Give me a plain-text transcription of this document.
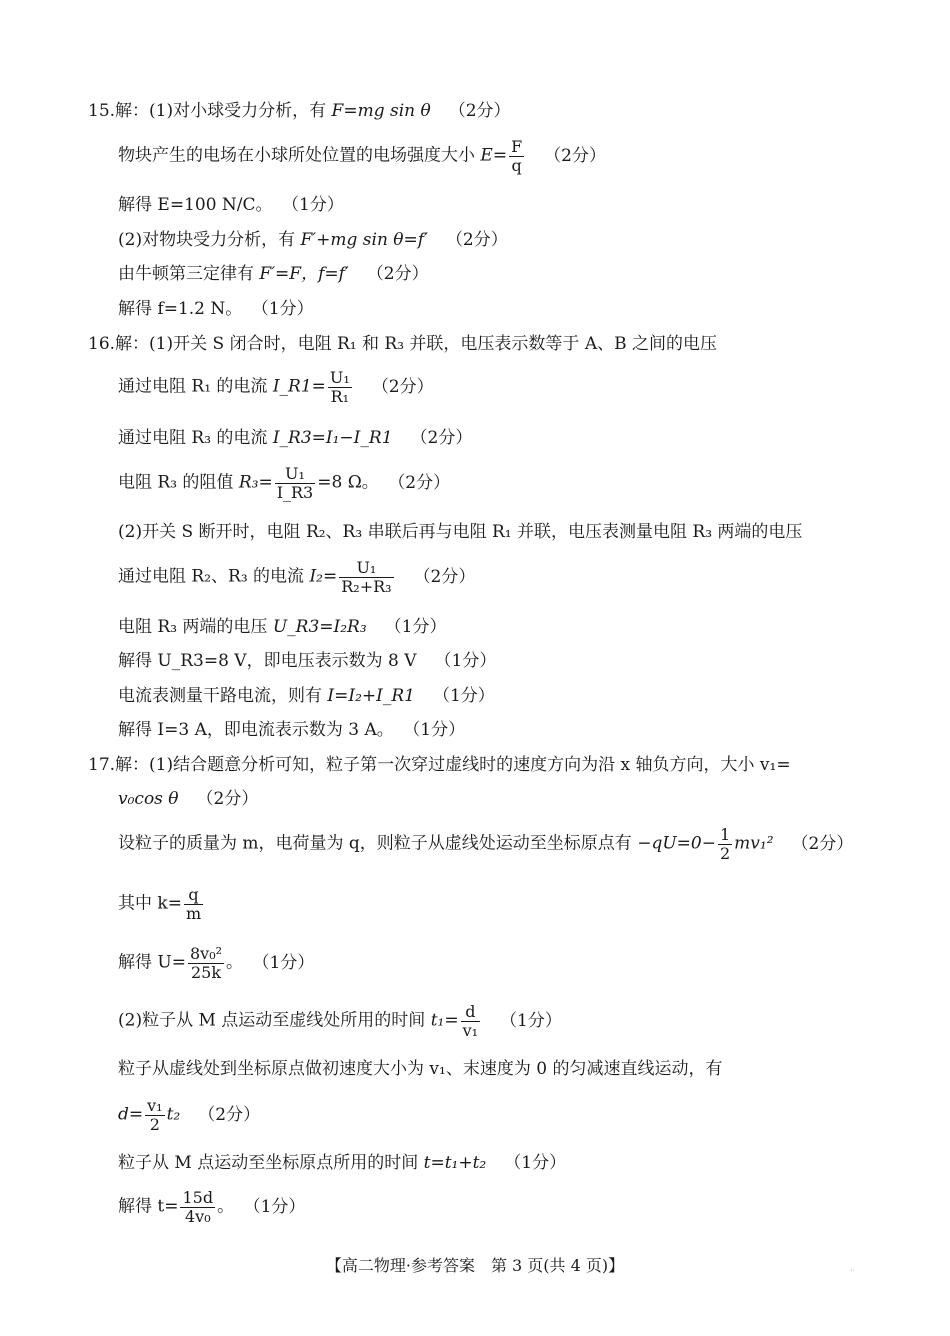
15.解：(1)对小球受力分析，有 F=mg sin θ （2分）
物块产生的电场在小球所处位置的电场强度大小 $E= \frac{F}{q} (2$分）
解得 E=100 N/C。 （1分）
(2)对物块受力分析，有 F′+mg sin θ=f′ （2分）
由牛顿第三定律有 F′=F，f=f′ （2分）
解得 f=1.2 N。 （1分）
16.解：(1)开关 S 闭合时，电阻 R₁ 和 R₃ 并联，电压表示数等于 A、B 之间的电压
通过电阻 R₁ 的电流 I_R1= $\frac{\text{U₁}}{\text{R₁}} (2$分）
通过电阻 R₃ 的电流 I_R3=I₁−I_R1 （2分）
电阻 R₃ 的阻值 $R_3= \frac{\text{U₁}}{I\_R3} =8$ Ω。 （2分）
(2)开关 S 断开时，电阻 R₂、R₃ 串联后再与电阻 R₁ 并联，电压表测量电阻 R₃ 两端的电压
通过电阻 R₂、R₃ 的电流 $I_2= \frac{\text{U₁}}{\text{R₂+R₃}} (2$分）
电阻 R₃ 两端的电压 U_R3=I₂R₃ （1分）
解得 U_R3=8 V，即电压表示数为 8 V （1分）
电流表测量干路电流，则有 I=I₂+I_R1 （1分）
解得 I=3 A，即电流表示数为 3 A。 （1分）
17.解：(1)结合题意分析可知，粒子第一次穿过虚线时的速度方向为沿 x 轴负方向，大小 v₁=
v₀cos θ （2分）
设粒子的质量为 m，电荷量为 q，则粒子从虚线处运动至坐标原点有 $-qU=0- \frac{1}{2} mv_1^2$ （2分）
其中 $k= \frac{q}{m}$
解得 $U= \frac{\text{8v₀²}}{25k}$ 。 （1分）
(2)粒子从 M 点运动至虚线处所用的时间 $t_1= \frac{d}{\text{v₁}} (1$分）
粒子从虚线处到坐标原点做初速度大小为 v₁、末速度为 0 的匀减速直线运动，有
$d= \frac{\text{v₁}}{2} t_2$ （2分）
粒子从 M 点运动至坐标原点所用的时间 t=t₁+t₂ （1分）
解得 $t= \frac{15d}{\text{4v₀}}$ 。 （1分）
【高二物理·参考答案　第 3 页(共 4 页)】	··
